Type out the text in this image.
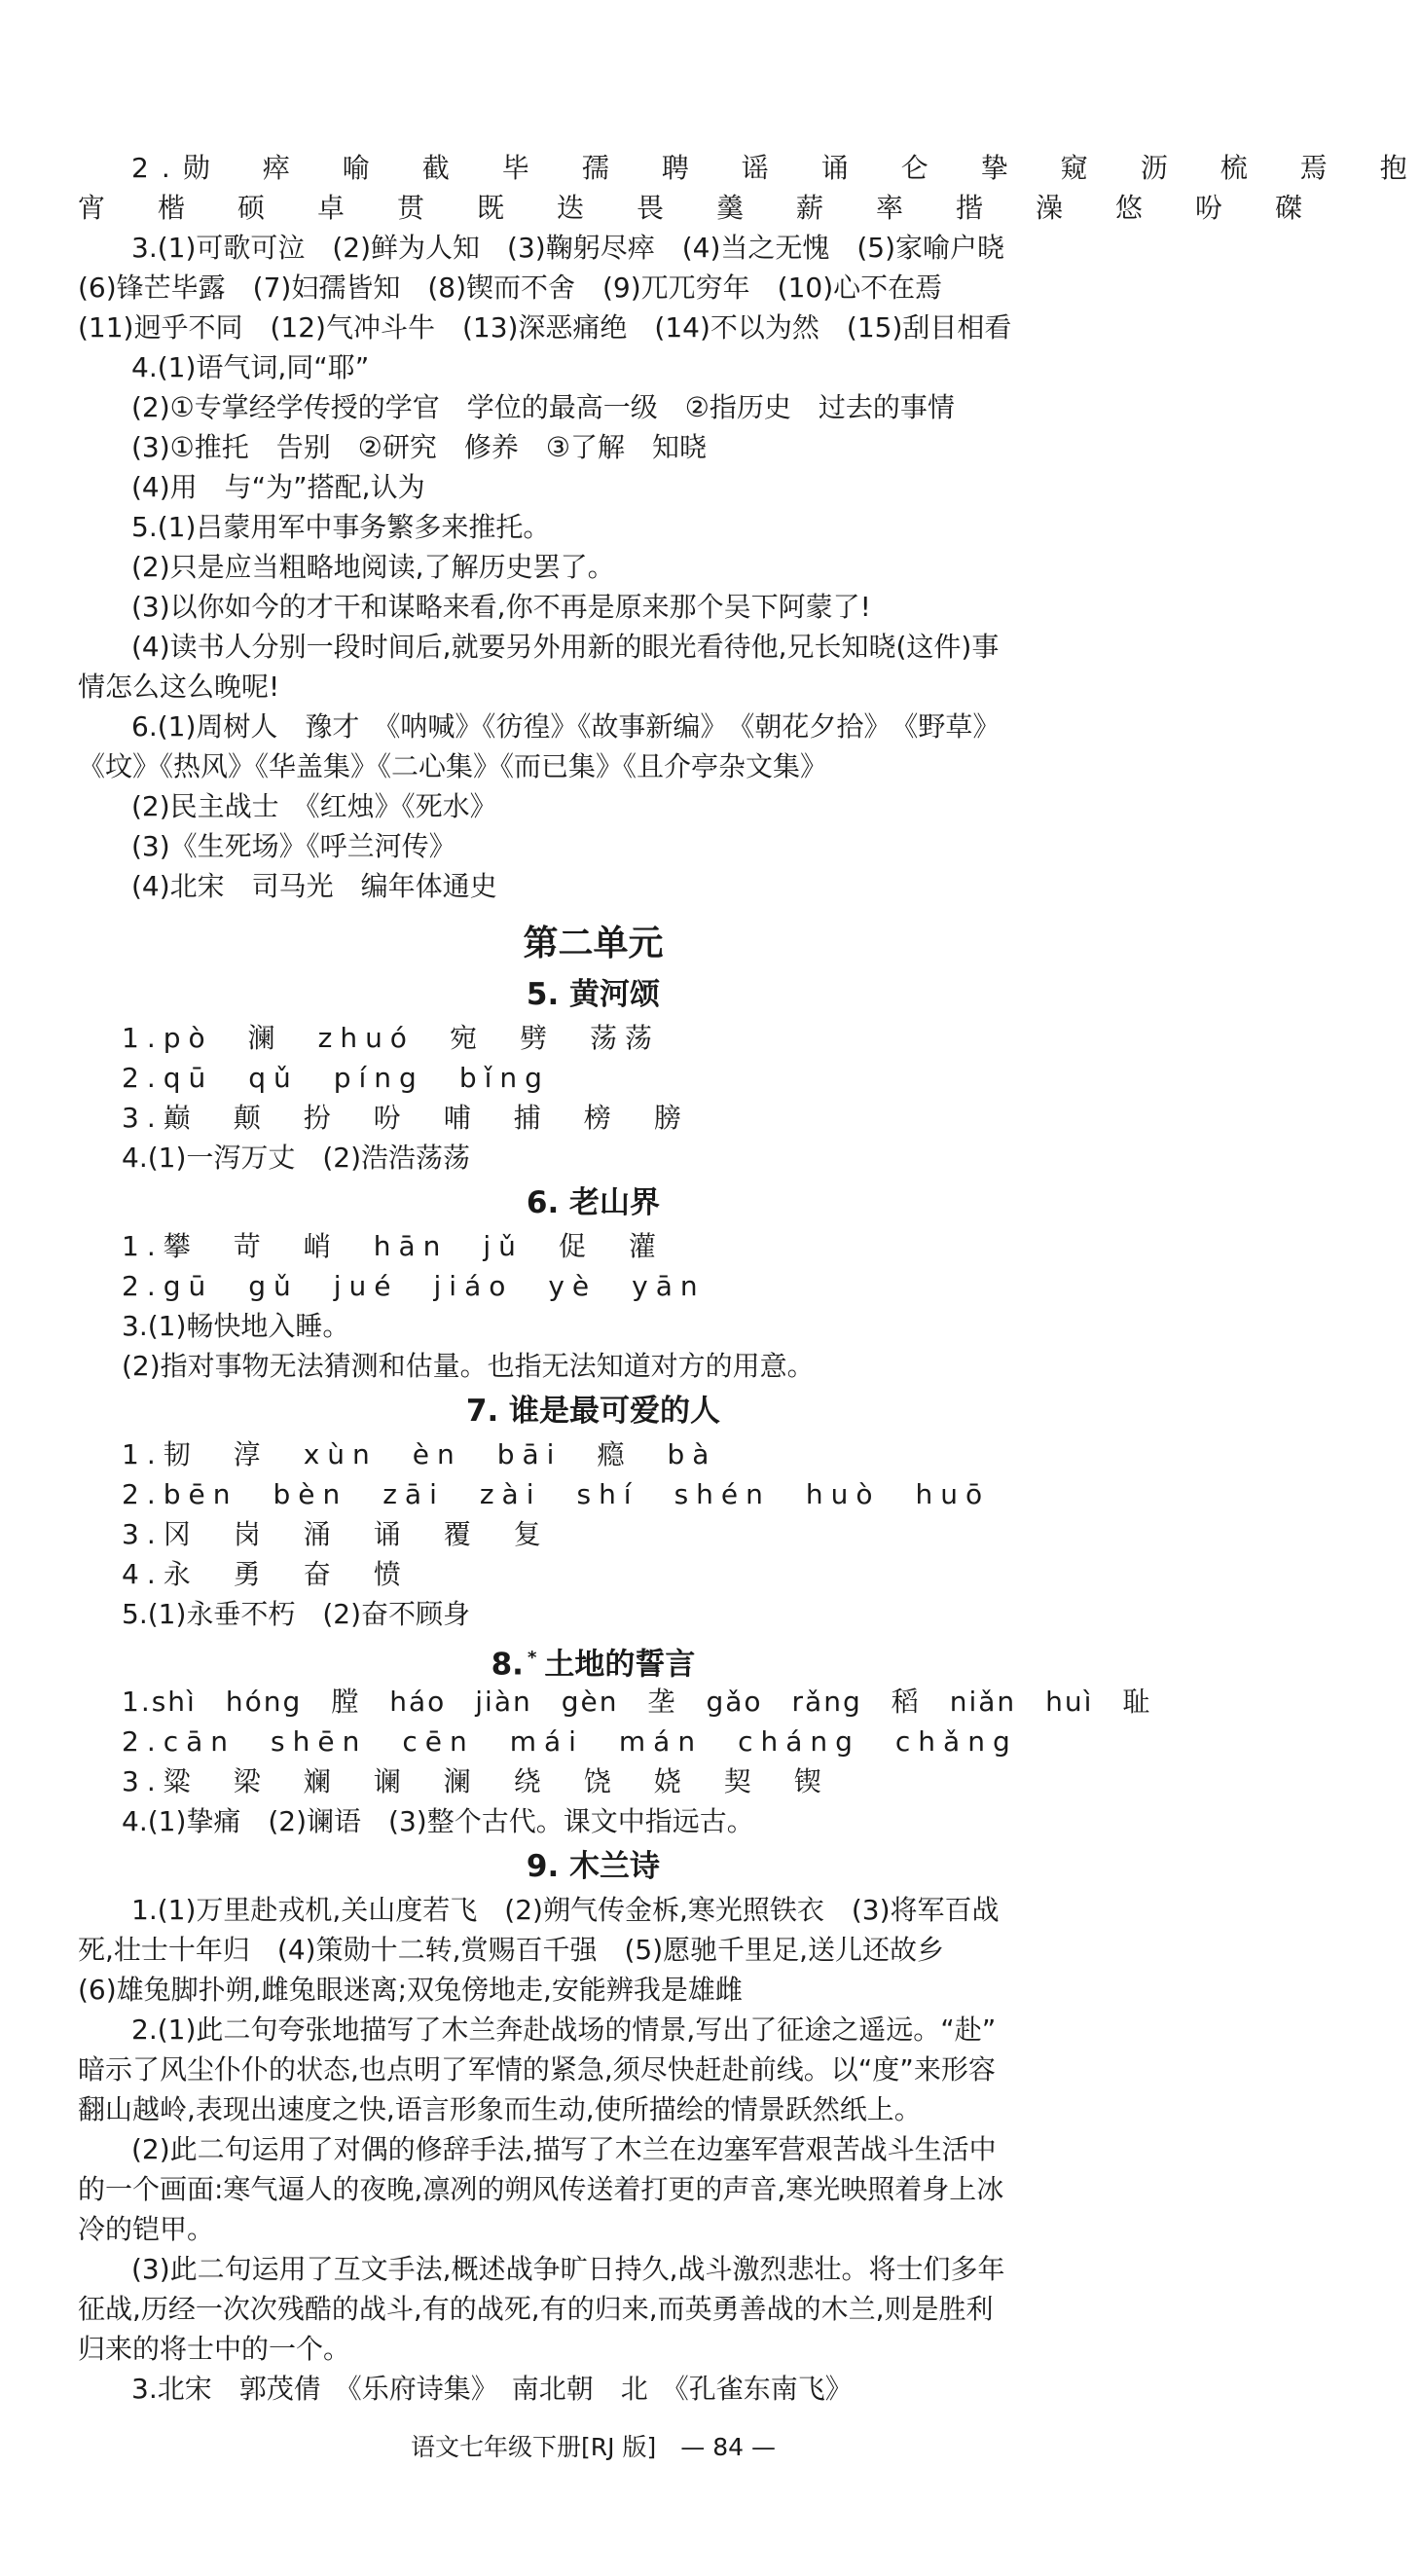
2.勋　瘁　喻　截　毕　孺　聘　谣　诵　仑　挚　窥　沥　梳　焉　抱
宵　楷　硕　卓　贯　既　迭　畏　羹　薪　率　揩　澡　悠　吩　磔
3.(1)可歌可泣　(2)鲜为人知　(3)鞠躬尽瘁　(4)当之无愧　(5)家喻户晓
(6)锋芒毕露　(7)妇孺皆知　(8)锲而不舍　(9)兀兀穷年　(10)心不在焉
(11)迥乎不同　(12)气冲斗牛　(13)深恶痛绝　(14)不以为然　(15)刮目相看
4.(1)语气词,同“耶”
(2)①专掌经学传授的学官　学位的最高一级　②指历史　过去的事情
(3)①推托　告别　②研究　修养　③了解　知晓
(4)用　与“为”搭配,认为
5.(1)吕蒙用军中事务繁多来推托。
(2)只是应当粗略地阅读,了解历史罢了。
(3)以你如今的才干和谋略来看,你不再是原来那个吴下阿蒙了!
(4)读书人分别一段时间后,就要另外用新的眼光看待他,兄长知晓(这件)事
情怎么这么晚呢!
6.(1)周树人　豫才　《呐喊》《彷徨》《故事新编》　《朝花夕拾》　《野草》
《坟》《热风》《华盖集》《二心集》《而已集》《且介亭杂文集》
(2)民主战士　《红烛》《死水》
(3)《生死场》《呼兰河传》
(4)北宋　司马光　编年体通史
第二单元
5. 黄河颂
1.pò　澜　zhuó　宛　劈　荡荡
2.qū　qǔ　píng　bǐng
3.巅　颠　扮　吩　哺　捕　榜　膀
4.(1)一泻万丈　(2)浩浩荡荡
6. 老山界
1.攀　苛　峭　hān　jǔ　促　灌
2.gū　gǔ　jué　jiáo　yè　yān
3.(1)畅快地入睡。
(2)指对事物无法猜测和估量。也指无法知道对方的用意。
7. 谁是最可爱的人
1.韧　淳　xùn　èn　bāi　瘾　bà
2.bēn　bèn　zāi　zài　shí　shén　huò　huō
3.冈　岗　涌　诵　覆　复
4.永　勇　奋　愤
5.(1)永垂不朽　(2)奋不顾身
8. * 土地的誓言
1.shì　hóng　膛　háo　jiàn　gèn　垄　gǎo　rǎng　稻　niǎn　huì　耻
2.cān　shēn　cēn　mái　mán　cháng　chǎng
3.粱　梁　斓　谰　澜　绕　饶　娆　契　锲
4.(1)挚痛　(2)谰语　(3)整个古代。课文中指远古。
9. 木兰诗
1.(1)万里赴戎机,关山度若飞　(2)朔气传金柝,寒光照铁衣　(3)将军百战
死,壮士十年归　(4)策勋十二转,赏赐百千强　(5)愿驰千里足,送儿还故乡
(6)雄兔脚扑朔,雌兔眼迷离;双兔傍地走,安能辨我是雄雌
2.(1)此二句夸张地描写了木兰奔赴战场的情景,写出了征途之遥远。“赴”
暗示了风尘仆仆的状态,也点明了军情的紧急,须尽快赶赴前线。以“度”来形容
翻山越岭,表现出速度之快,语言形象而生动,使所描绘的情景跃然纸上。
(2)此二句运用了对偶的修辞手法,描写了木兰在边塞军营艰苦战斗生活中
的一个画面:寒气逼人的夜晚,凛冽的朔风传送着打更的声音,寒光映照着身上冰
冷的铠甲。
(3)此二句运用了互文手法,概述战争旷日持久,战斗激烈悲壮。将士们多年
征战,历经一次次残酷的战斗,有的战死,有的归来,而英勇善战的木兰,则是胜利
归来的将士中的一个。
3.北宋　郭茂倩　《乐府诗集》　南北朝　北　《孔雀东南飞》
语文七年级下册[RJ 版]　— 84 —
